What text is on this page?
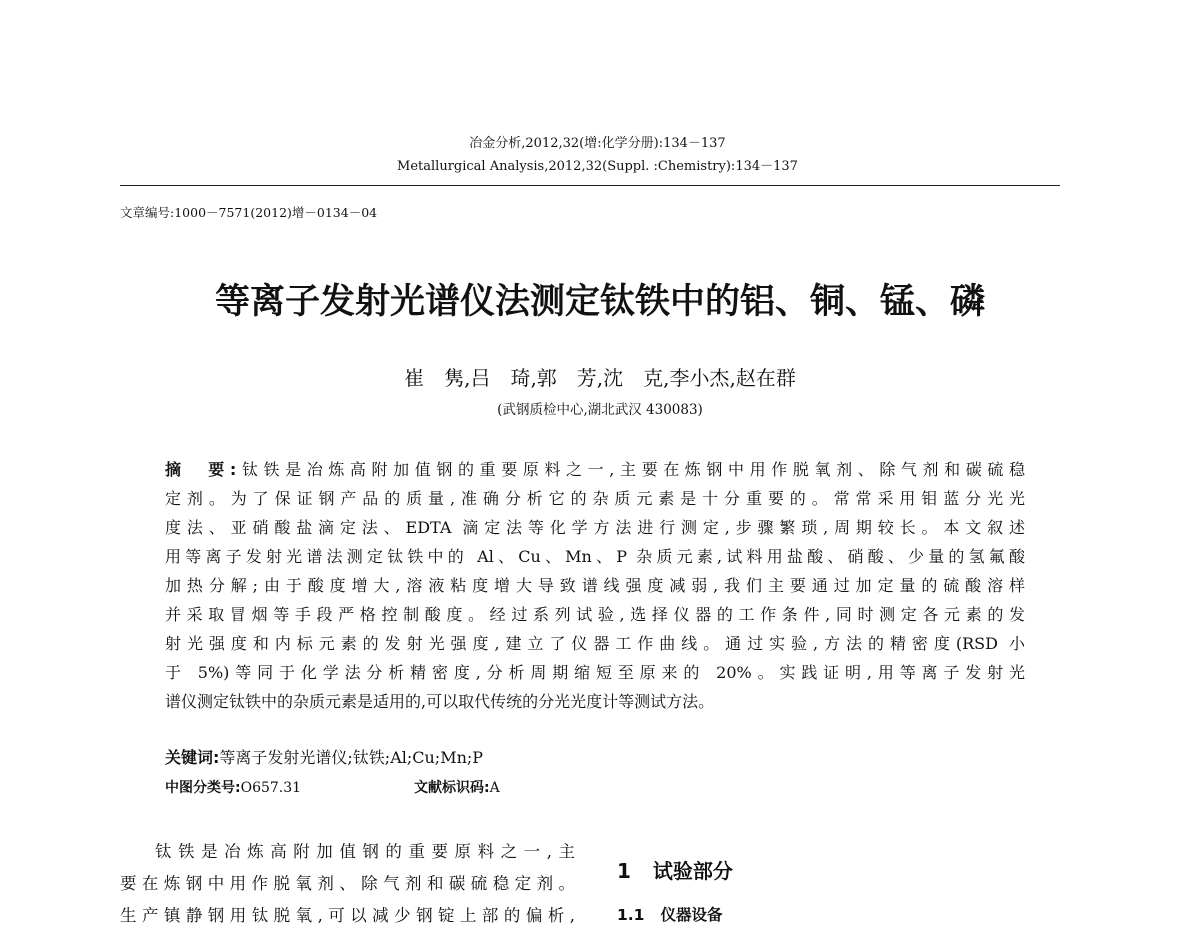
冶金分析,2012,32(增:化学分册):134－137
Metallurgical Analysis,2012,32(Suppl. :Chemistry):134－137
文章编号:1000－7571(2012)增－0134－04
等离子发射光谱仪法测定钛铁中的铝、铜、锰、磷
崔　隽,吕　琦,郭　芳,沈　克,李小杰,赵在群
(武钢质检中心,湖北武汉 430083)
摘　要:钛铁是冶炼高附加值钢的重要原料之一,主要在炼钢中用作脱氧剂、除气剂和碳硫稳
定剂。为了保证钢产品的质量,准确分析它的杂质元素是十分重要的。常常采用钼蓝分光光
度法、亚硝酸盐滴定法、EDTA 滴定法等化学方法进行测定,步骤繁琐,周期较长。本文叙述
用等离子发射光谱法测定钛铁中的 Al、Cu、Mn、P 杂质元素,试料用盐酸、硝酸、少量的氢氟酸
加热分解;由于酸度增大,溶液粘度增大导致谱线强度减弱,我们主要通过加定量的硫酸溶样
并采取冒烟等手段严格控制酸度。经过系列试验,选择仪器的工作条件,同时测定各元素的发
射光强度和内标元素的发射光强度,建立了仪器工作曲线。通过实验,方法的精密度(RSD 小
于 5%)等同于化学法分析精密度,分析周期缩短至原来的 20%。实践证明,用等离子发射光
谱仪测定钛铁中的杂质元素是适用的,可以取代传统的分光光度计等测试方法。
关键词:等离子发射光谱仪;钛铁;Al;Cu;Mn;P
中图分类号:O657.31	文献标识码:A
钛铁是冶炼高附加值钢的重要原料之一,主
要在炼钢中用作脱氧剂、除气剂和碳硫稳定剂。
生产镇静钢用钛脱氧,可以减少钢锭上部的偏析,
1 试验部分
1.1 仪器设备
